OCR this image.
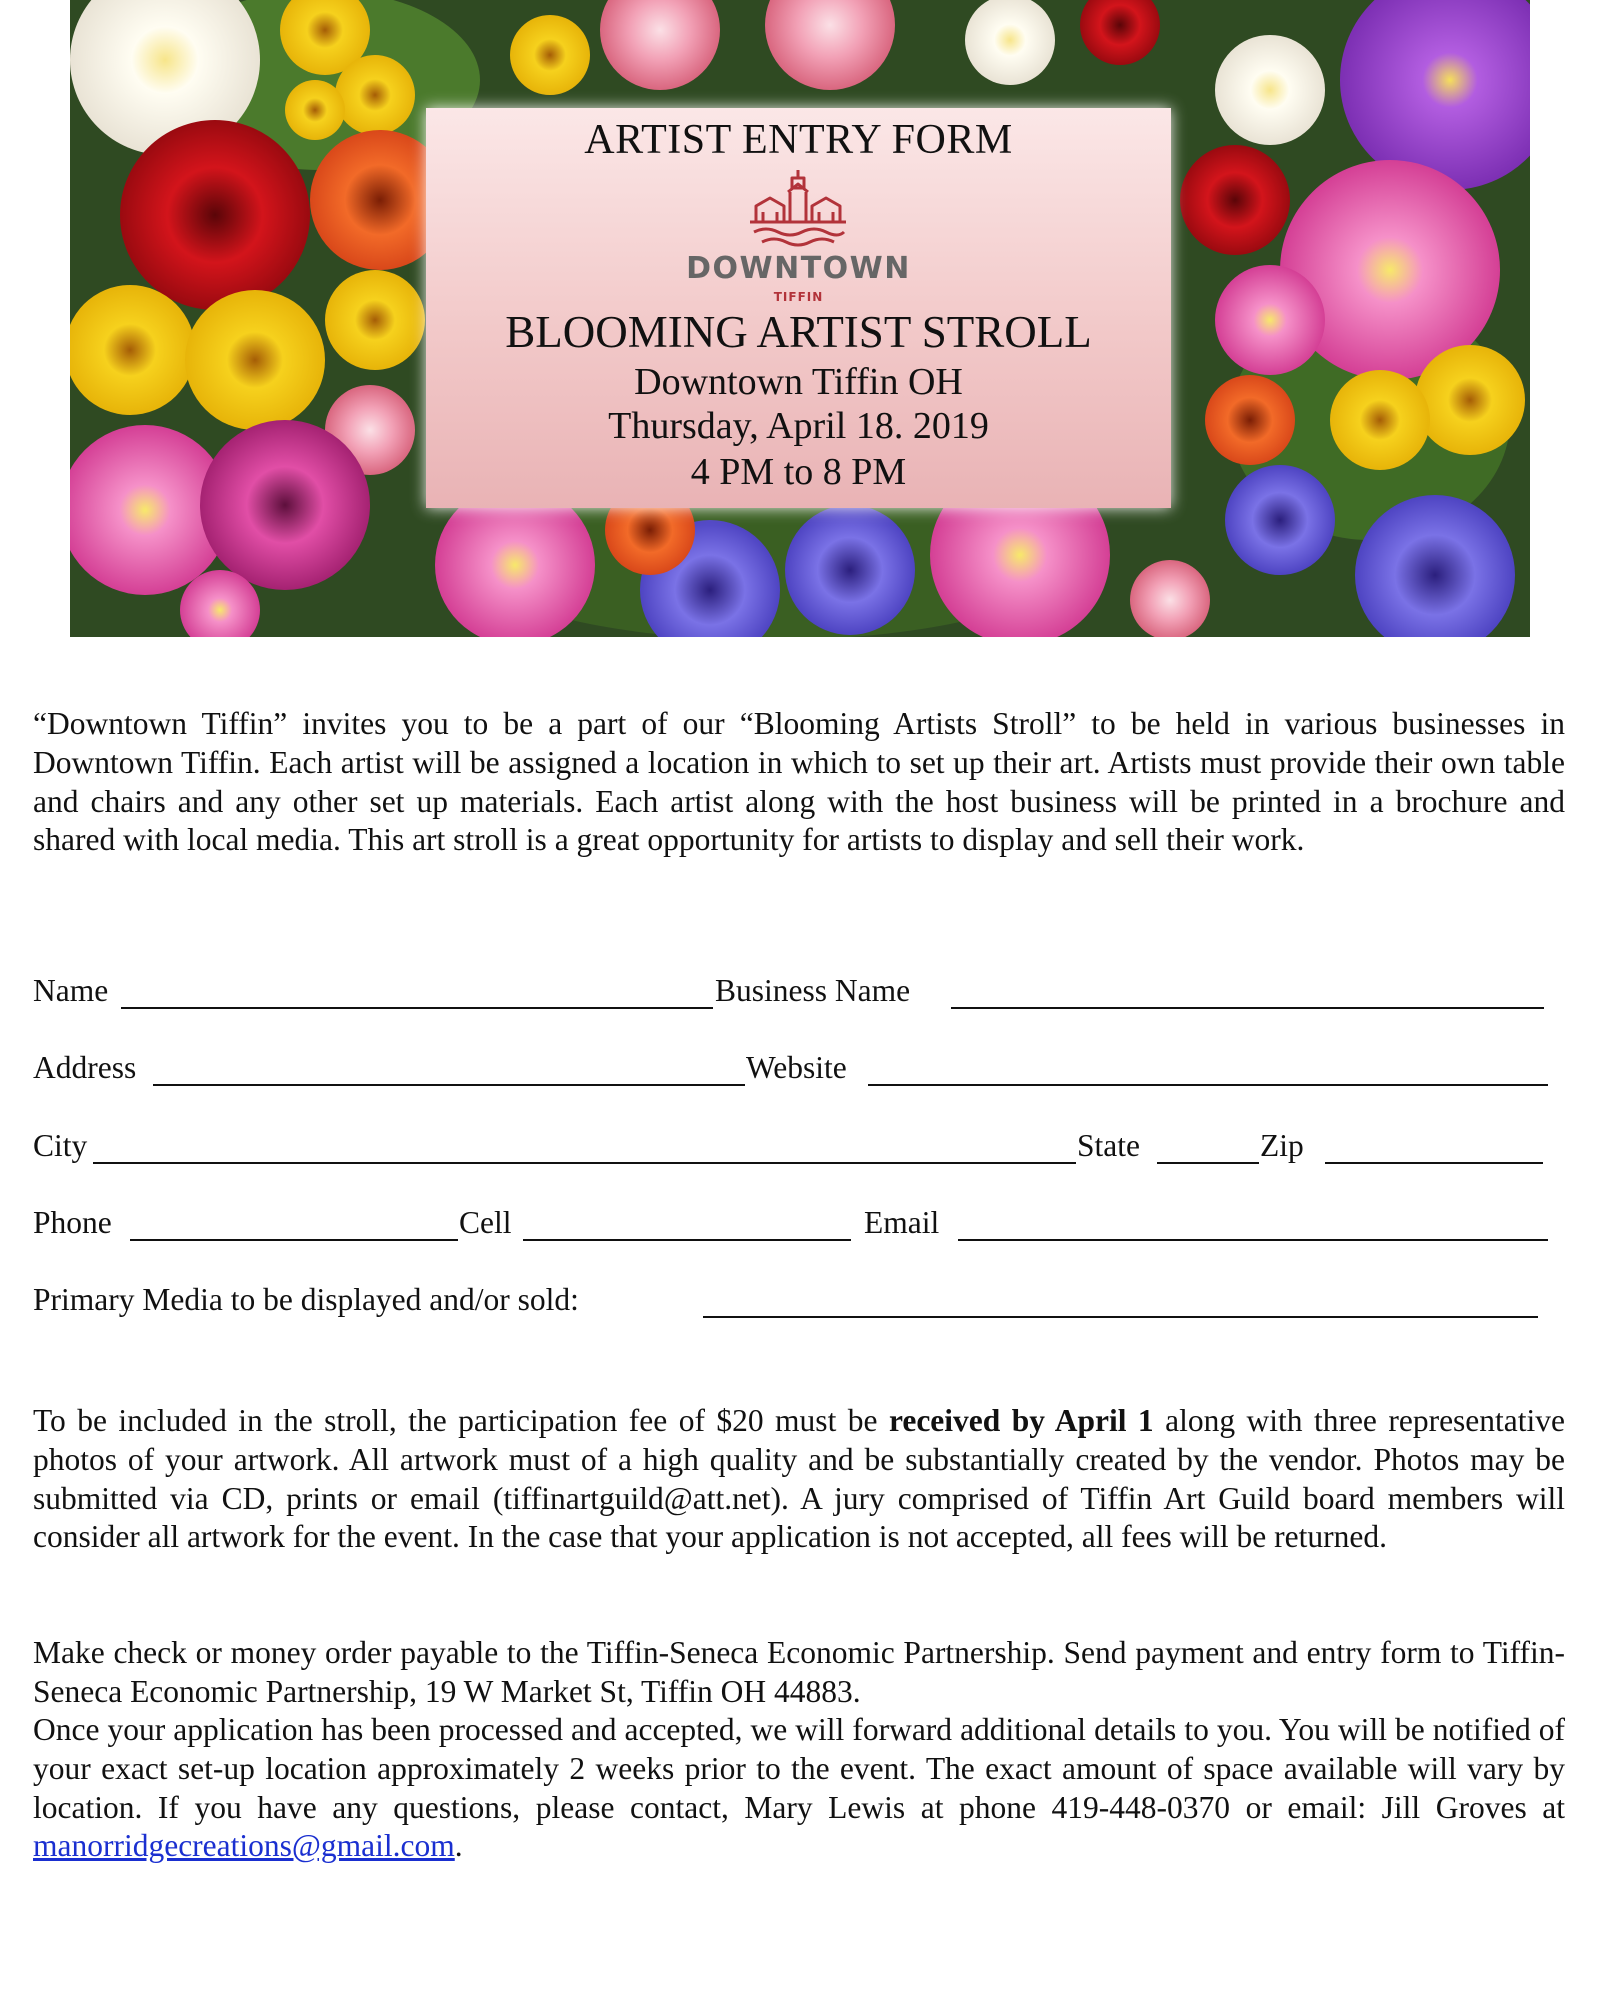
ARTIST ENTRY FORM
DOWNTOWN
TIFFIN
BLOOMING ARTIST STROLL
Downtown Tiffin OH
Thursday, April 18. 2019
4 PM to 8 PM
“Downtown Tiffin” invites you to be a part of our “Blooming Artists Stroll” to be held in various businesses in Downtown Tiffin. Each artist will be assigned a location in which to set up their art. Artists must provide their own table and chairs and any other set up materials. Each artist along with the host business will be printed in a brochure and shared with local media. This art stroll is a great opportunity for artists to display and sell their work.
Name	Business Name
Address	Website
City	State	Zip
Phone	Cell	Email
Primary Media to be displayed and/or sold:
To be included in the stroll, the participation fee of $20 must be received by April 1 along with three representative photos of your artwork. All artwork must of a high quality and be substantially created by the vendor. Photos may be submitted via CD, prints or email (tiffinartguild@att.net). A jury comprised of Tiffin Art Guild board members will consider all artwork for the event. In the case that your application is not accepted, all fees will be returned.
Make check or money order payable to the Tiffin-Seneca Economic Partnership. Send payment and entry form to Tiffin-Seneca Economic Partnership, 19 W Market St, Tiffin OH 44883.
Once your application has been processed and accepted, we will forward additional details to you. You will be notified of your exact set-up location approximately 2 weeks prior to the event. The exact amount of space available will vary by location. If you have any questions, please contact, Mary Lewis at phone 419-448-0370 or email: Jill Groves at manorridgecreations@gmail.com.
